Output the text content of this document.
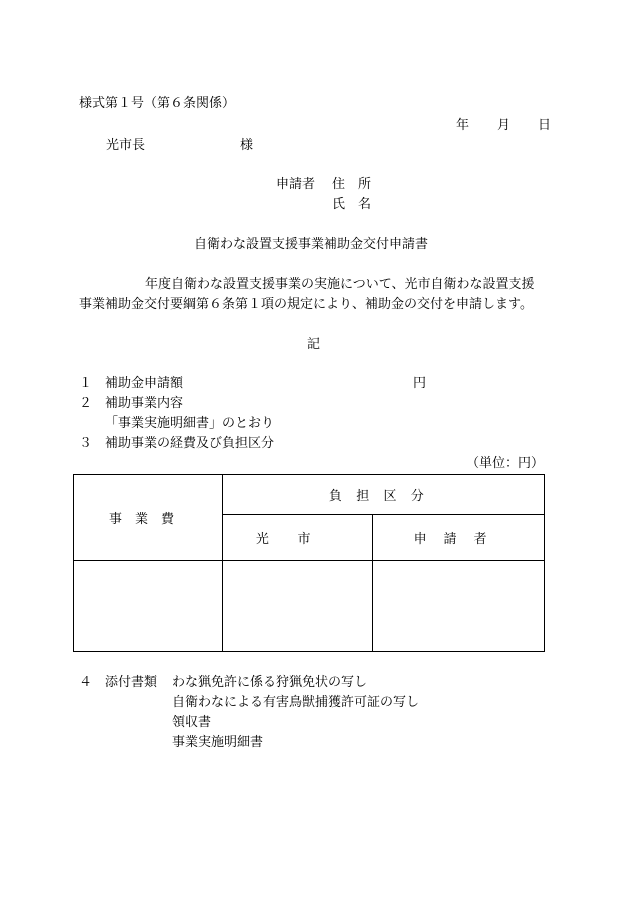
様式第１号（第６条関係）
年 月 日
光市長	様
申請者 住　所
氏　名
自衛わな設置支援事業補助金交付申請書
年度自衛わな設置支援事業の実施について、光市自衛わな設置支援
事業補助金交付要綱第６条第１項の規定により、補助金の交付を申請します。
記
１ 補助金申請額	円
２ 補助事業内容
「事業実施明細書」のとおり
３ 補助事業の経費及び負担区分
（単位：円）
事業費	負担区分	
	光市	申請者

４ 添付書類 わな猟免許に係る狩猟免状の写し
自衛わなによる有害鳥獣捕獲許可証の写し
領収書
事業実施明細書
